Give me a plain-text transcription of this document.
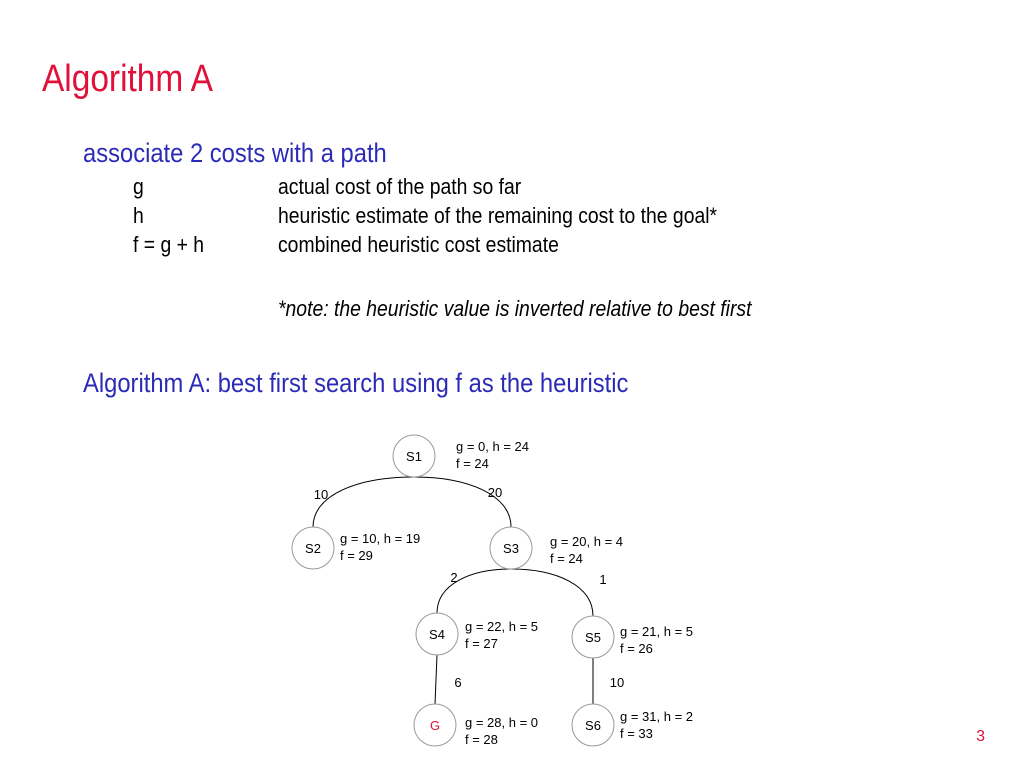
Algorithm A
associate 2 costs with a path
g	actual cost of the path so far
h	heuristic estimate of the remaining cost to the goal*
f = g + h	combined heuristic cost estimate
*note: the heuristic value is inverted relative to best first
Algorithm A: best first search using f as the heuristic
10	20
2	1
6	10
S1
g = 0, h = 24
f = 24
S2
g = 10, h = 19
f = 29	S3 g = 20, h = 4
f = 24
S4
g = 22, h = 5
f = 27	S5 g = 21, h = 5
f = 26
G g = 28, h = 0
f = 28
S6
g = 31, h = 2
f = 33	3
